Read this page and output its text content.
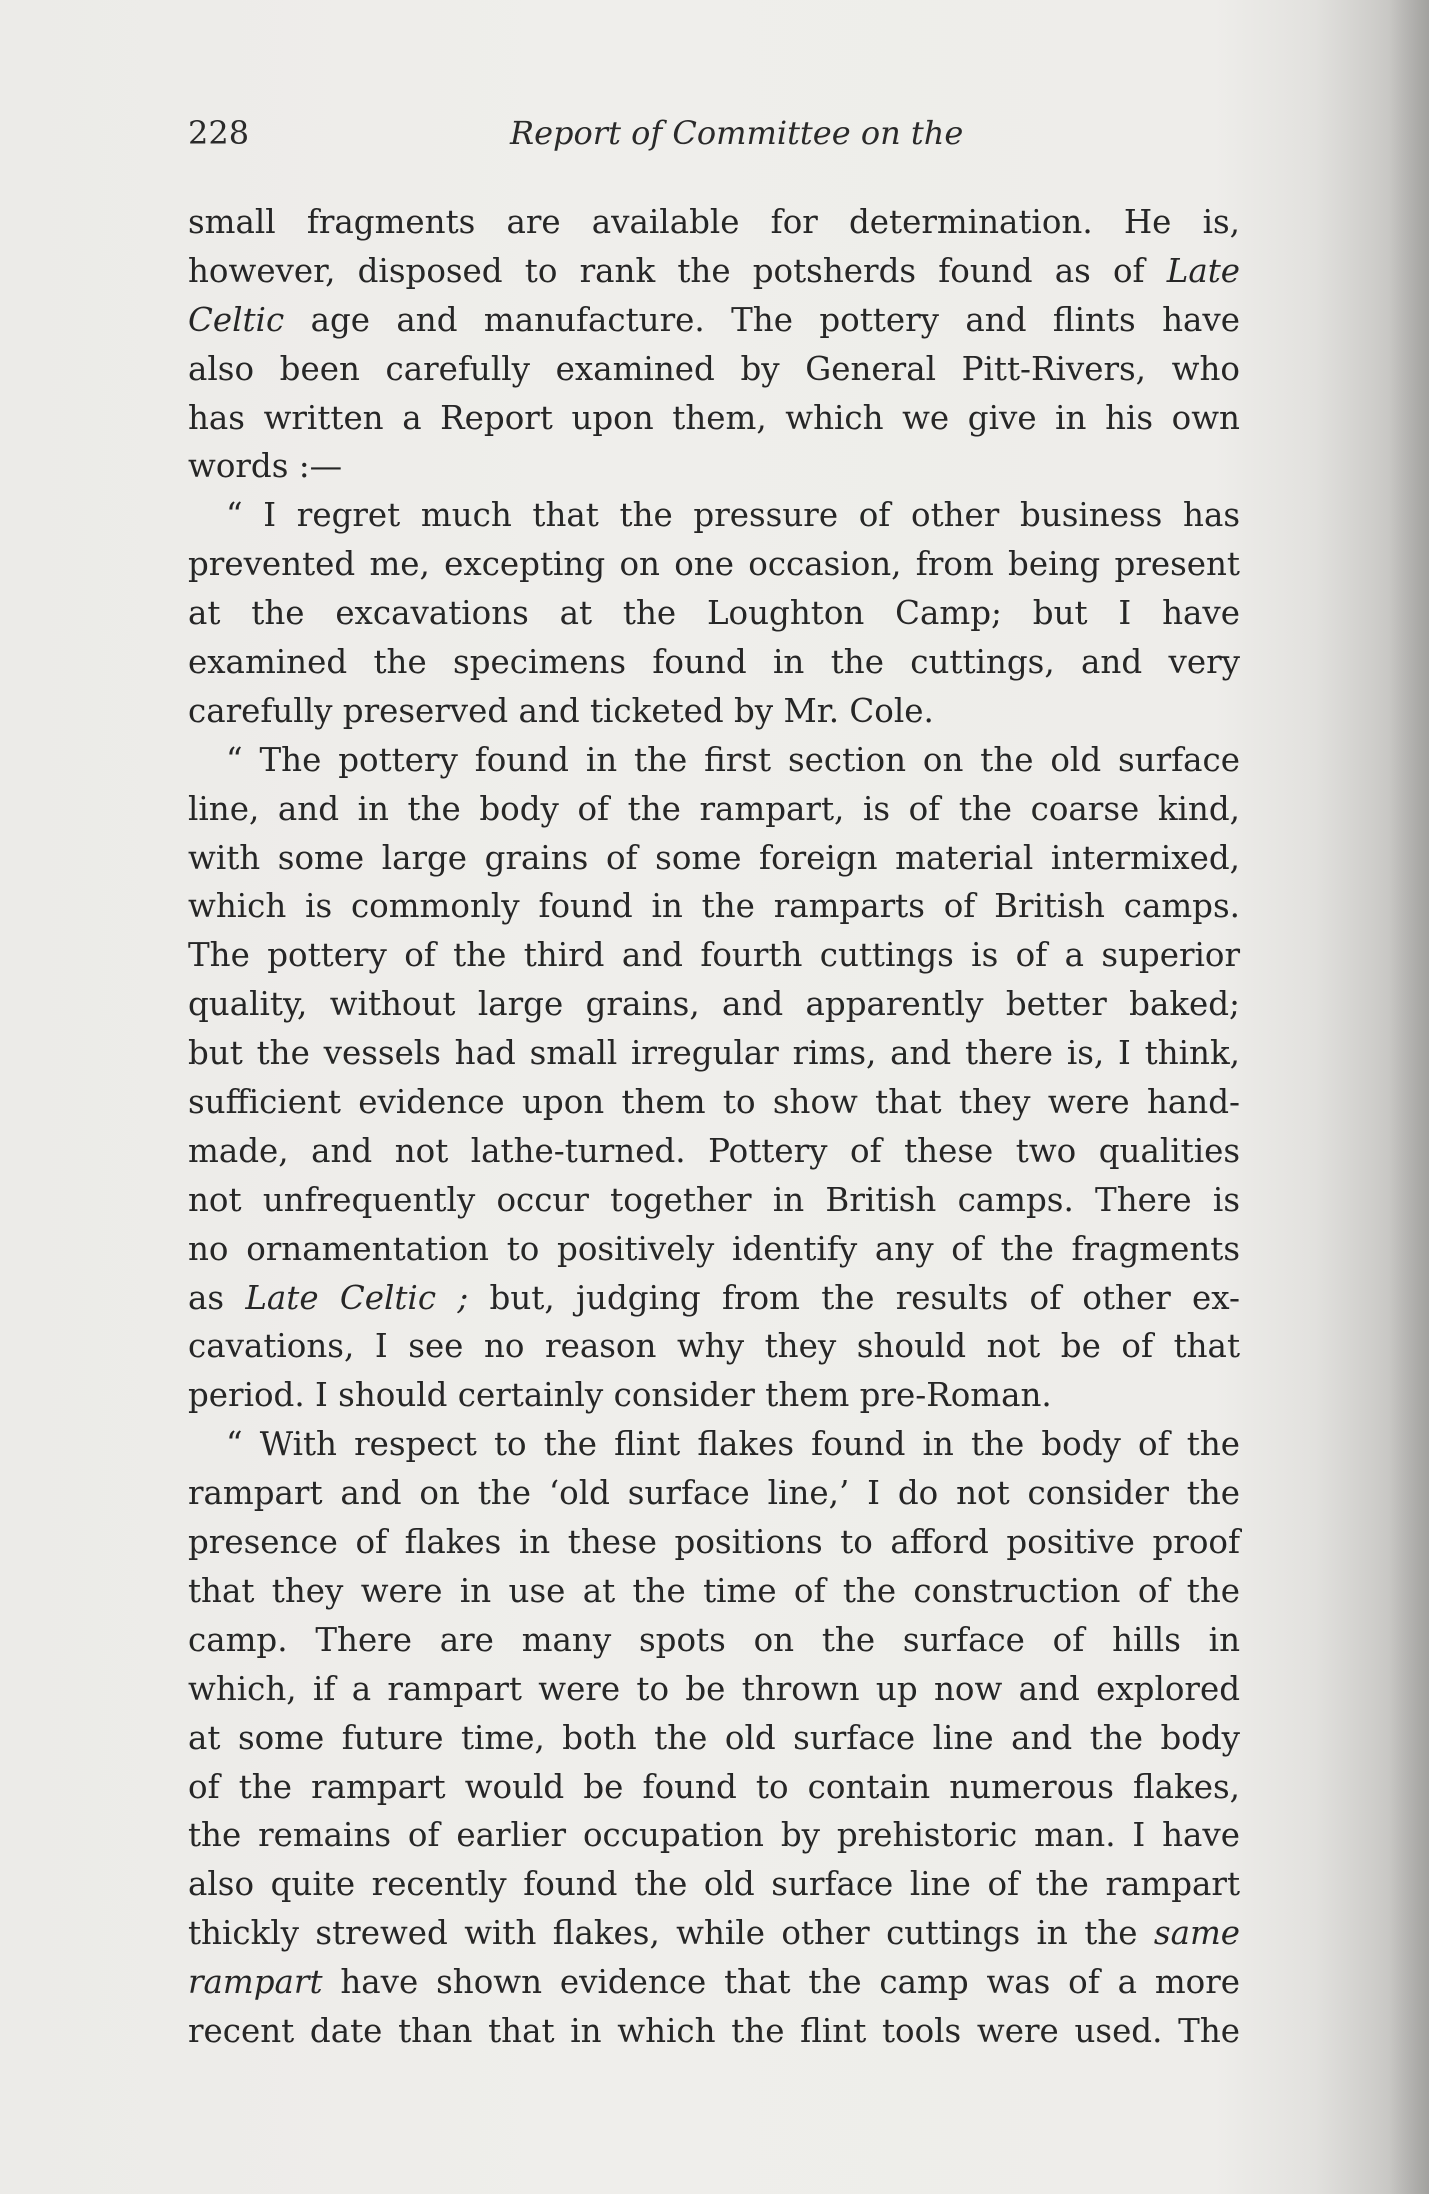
228	Report of Committee on the
small fragments are available for determination. He is,
however, disposed to rank the potsherds found as of Late
Celtic age and manufacture. The pottery and flints have
also been carefully examined by General Pitt-Rivers, who
has written a Report upon them, which we give in his own
words :—
“ I regret much that the pressure of other business has
prevented me, excepting on one occasion, from being present
at the excavations at the Loughton Camp; but I have
examined the specimens found in the cuttings, and very
carefully preserved and ticketed by Mr. Cole.
“ The pottery found in the first section on the old surface
line, and in the body of the rampart, is of the coarse kind,
with some large grains of some foreign material intermixed,
which is commonly found in the ramparts of British camps.
The pottery of the third and fourth cuttings is of a superior
quality, without large grains, and apparently better baked;
but the vessels had small irregular rims, and there is, I think,
sufficient evidence upon them to show that they were hand-
made, and not lathe-turned. Pottery of these two qualities
not unfrequently occur together in British camps. There is
no ornamentation to positively identify any of the fragments
as Late Celtic ; but, judging from the results of other ex-
cavations, I see no reason why they should not be of that
period. I should certainly consider them pre-Roman.
“ With respect to the flint flakes found in the body of the
rampart and on the ‘old surface line,’ I do not consider the
presence of flakes in these positions to afford positive proof
that they were in use at the time of the construction of the
camp. There are many spots on the surface of hills in
which, if a rampart were to be thrown up now and explored
at some future time, both the old surface line and the body
of the rampart would be found to contain numerous flakes,
the remains of earlier occupation by prehistoric man. I have
also quite recently found the old surface line of the rampart
thickly strewed with flakes, while other cuttings in the same
rampart have shown evidence that the camp was of a more
recent date than that in which the flint tools were used. The
